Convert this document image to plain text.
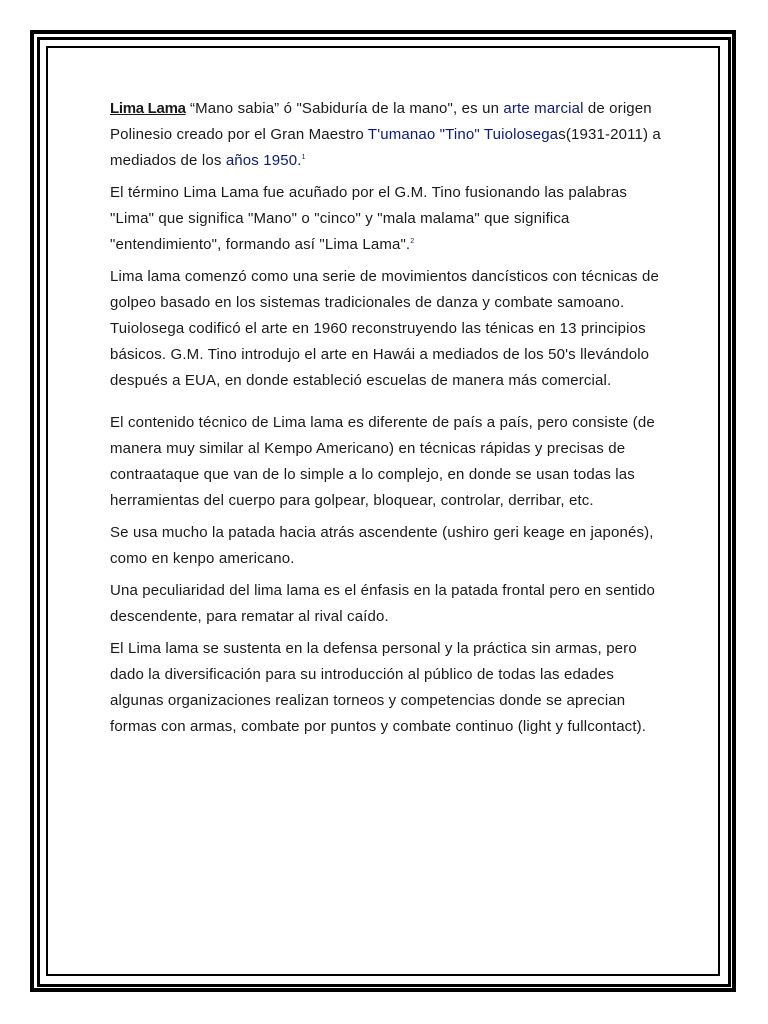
Lima Lama “Mano sabia” ó "Sabiduría de la mano", es un arte marcial de origen Polinesio creado por el Gran Maestro T'umanao "Tino" Tuiolosegas(1931-2011) a mediados de los años 1950.$^1$

El término Lima Lama fue acuñado por el G.M. Tino fusionando las palabras "Lima" que significa "Mano" o "cinco" y "mala malama" que significa "entendimiento", formando así "Lima Lama".$^2$

Lima lama comenzó como una serie de movimientos dancísticos con técnicas de golpeo basado en los sistemas tradicionales de danza y combate samoano. Tuiolosega codificó el arte en 1960 reconstruyendo las ténicas en 13 principios básicos. G.M. Tino introdujo el arte en Hawái a mediados de los 50's llevándolo después a EUA, en donde estableció escuelas de manera más comercial.

El contenido técnico de Lima lama es diferente de país a país, pero consiste (de manera muy similar al Kempo Americano) en técnicas rápidas y precisas de contraataque que van de lo simple a lo complejo, en donde se usan todas las herramientas del cuerpo para golpear, bloquear, controlar, derribar, etc.

Se usa mucho la patada hacia atrás ascendente (ushiro geri keage en japonés), como en kenpo americano.

Una peculiaridad del lima lama es el énfasis en la patada frontal pero en sentido descendente, para rematar al rival caído.

El Lima lama se sustenta en la defensa personal y la práctica sin armas, pero dado la diversificación para su introducción al público de todas las edades algunas organizaciones realizan torneos y competencias donde se aprecian formas con armas, combate por puntos y combate continuo (light y fullcontact).
